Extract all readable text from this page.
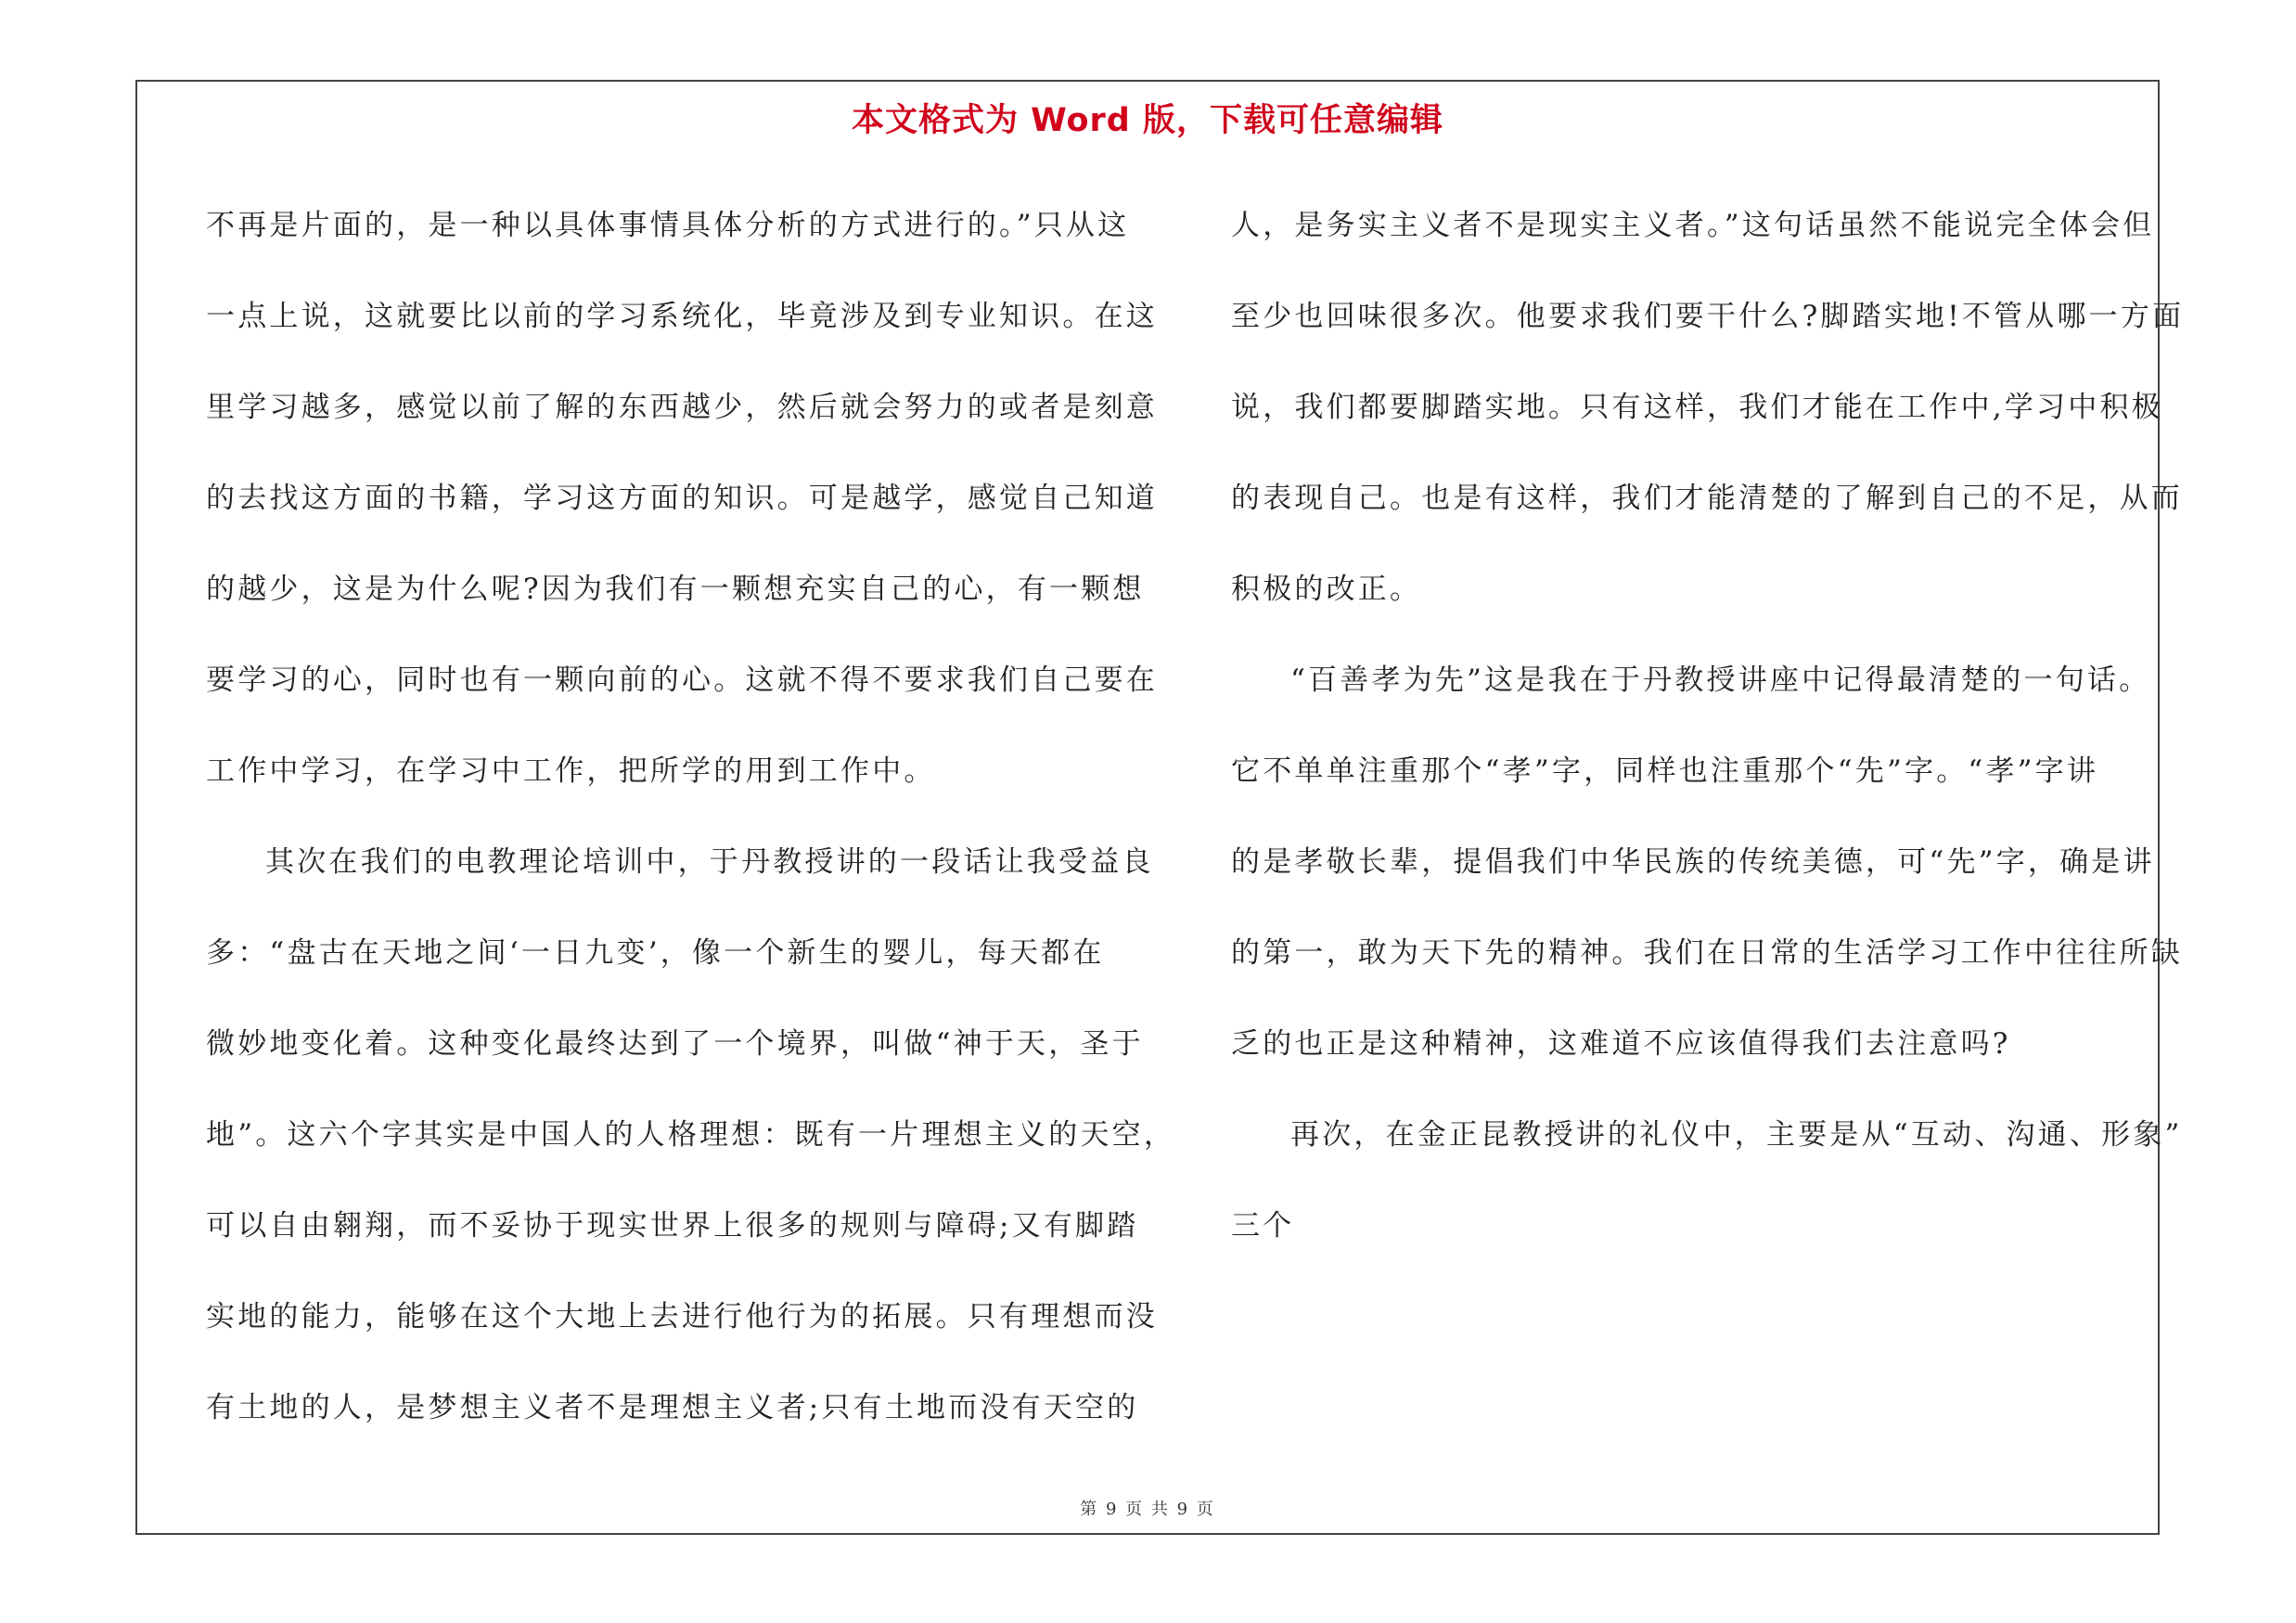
本文格式为 Word 版，下载可任意编辑
不再是片面的，是一种以具体事情具体分析的方式进行的。”只从这
一点上说，这就要比以前的学习系统化，毕竟涉及到专业知识。在这
里学习越多，感觉以前了解的东西越少，然后就会努力的或者是刻意
的去找这方面的书籍，学习这方面的知识。可是越学，感觉自己知道
的越少，这是为什么呢?因为我们有一颗想充实自己的心，有一颗想
要学习的心，同时也有一颗向前的心。这就不得不要求我们自己要在
工作中学习，在学习中工作，把所学的用到工作中。
其次在我们的电教理论培训中，于丹教授讲的一段话让我受益良
多：“盘古在天地之间‘一日九变’，像一个新生的婴儿，每天都在
微妙地变化着。这种变化最终达到了一个境界，叫做“神于天，圣于
地”。这六个字其实是中国人的人格理想：既有一片理想主义的天空，
可以自由翱翔，而不妥协于现实世界上很多的规则与障碍;又有脚踏
实地的能力，能够在这个大地上去进行他行为的拓展。只有理想而没
有土地的人，是梦想主义者不是理想主义者;只有土地而没有天空的
人，是务实主义者不是现实主义者。”这句话虽然不能说完全体会但
至少也回味很多次。他要求我们要干什么?脚踏实地!不管从哪一方面
说，我们都要脚踏实地。只有这样，我们才能在工作中,学习中积极
的表现自己。也是有这样，我们才能清楚的了解到自己的不足，从而
积极的改正。
“百善孝为先”这是我在于丹教授讲座中记得最清楚的一句话。
它不单单注重那个“孝”字，同样也注重那个“先”字。“孝”字讲
的是孝敬长辈，提倡我们中华民族的传统美德，可“先”字，确是讲
的第一，敢为天下先的精神。我们在日常的生活学习工作中往往所缺
乏的也正是这种精神，这难道不应该值得我们去注意吗?
再次，在金正昆教授讲的礼仪中，主要是从“互动、沟通、形象”
三个
第 9 页 共 9 页
